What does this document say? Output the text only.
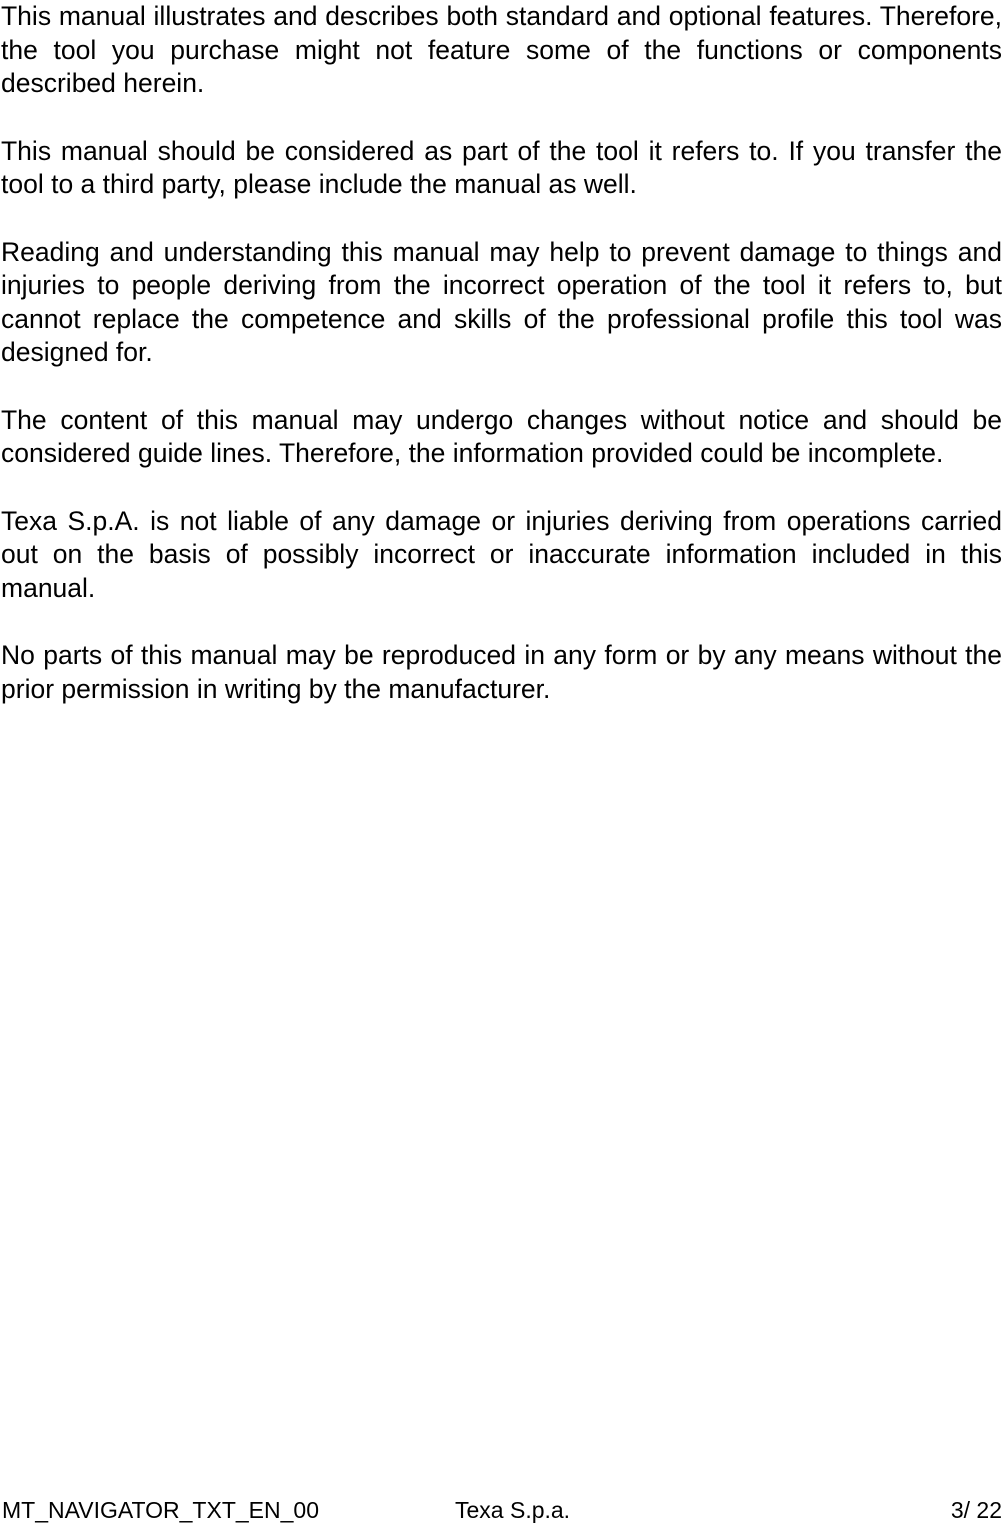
This manual illustrates and describes both standard and optional features. Therefore, the tool you purchase might not feature some of the functions or components described herein.

This manual should be considered as part of the tool it refers to. If you transfer the tool to a third party, please include the manual as well.

Reading and understanding this manual may help to prevent damage to things and injuries to people deriving from the incorrect operation of the tool it refers to, but cannot replace the competence and skills of the professional profile this tool was designed for.

The content of this manual may undergo changes without notice and should be considered guide lines. Therefore, the information provided could be incomplete.

Texa S.p.A. is not liable of any damage or injuries deriving from operations carried out on the basis of possibly incorrect or inaccurate information included in this manual.

No parts of this manual may be reproduced in any form or by any means without the prior permission in writing by the manufacturer.

MT_NAVIGATOR_TXT_EN_00	Texa S.p.a.	3/ 22
